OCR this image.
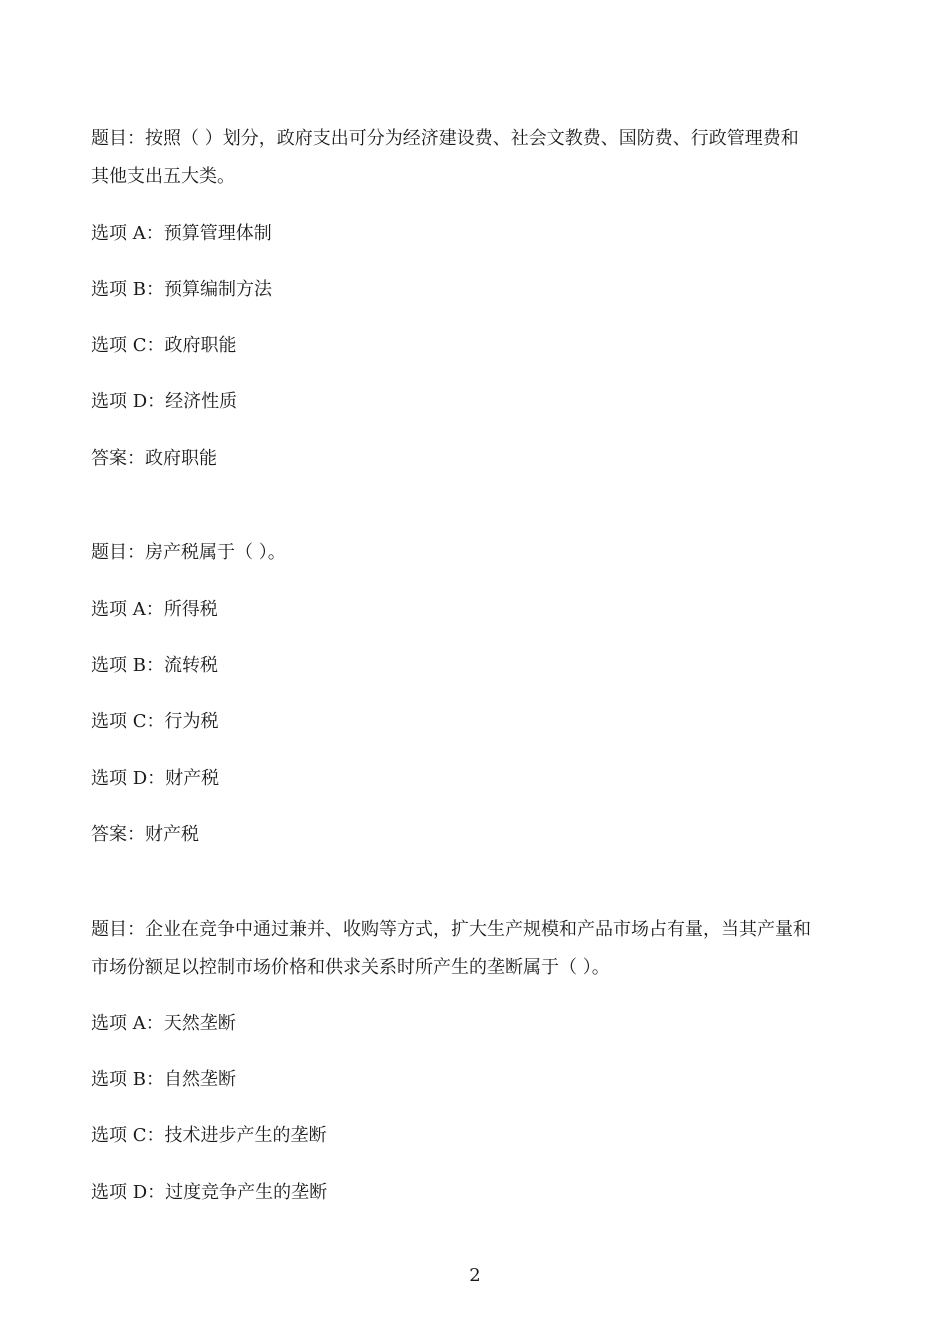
题目：按照（ ）划分，政府支出可分为经济建设费、社会文教费、国防费、行政管理费和
其他支出五大类。
选项 A：预算管理体制
选项 B：预算编制方法
选项 C：政府职能
选项 D：经济性质
答案：政府职能
题目：房产税属于（ ）。
选项 A：所得税
选项 B：流转税
选项 C：行为税
选项 D：财产税
答案：财产税
题目：企业在竞争中通过兼并、收购等方式，扩大生产规模和产品市场占有量，当其产量和
市场份额足以控制市场价格和供求关系时所产生的垄断属于（ ）。
选项 A：天然垄断
选项 B：自然垄断
选项 C：技术进步产生的垄断
选项 D：过度竞争产生的垄断
2
